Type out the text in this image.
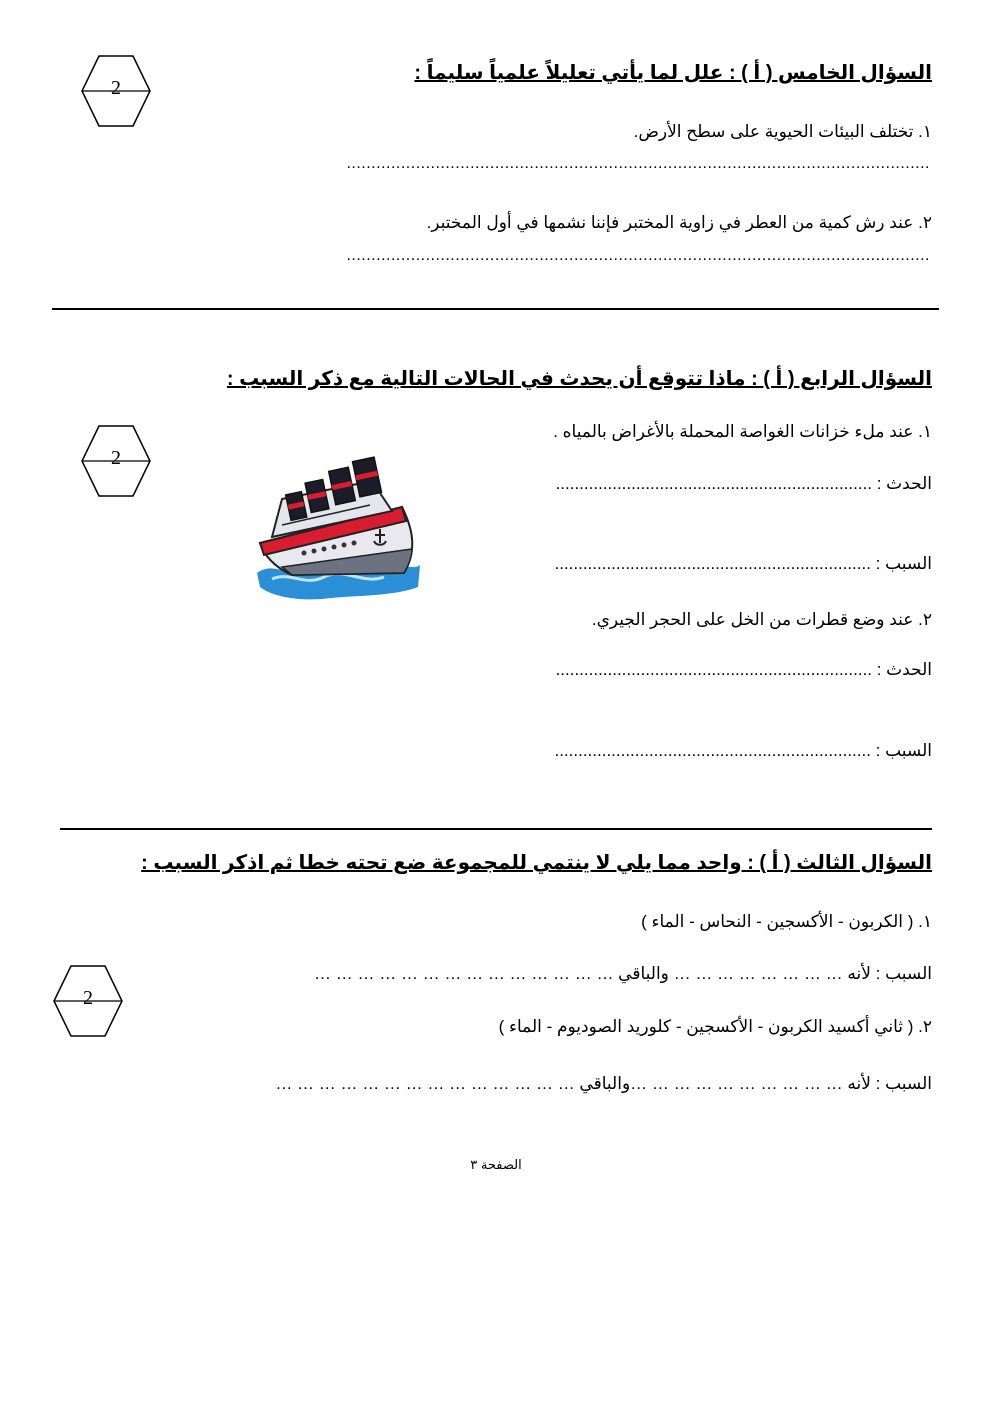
2
السؤال الخامس ( أ ) : علل لما يأتي تعليلاً علمياً سليماً :
١. تختلف البيئات الحيوية على سطح الأرض.
......................................................................................................................
٢. عند رش كمية من العطر في زاوية المختبر فإننا نشمها في أول المختبر.
......................................................................................................................
السؤال الرابع ( أ ) : ماذا تتوقع أن يحدث في الحالات التالية مع ذكر السبب :
2
١. عند ملء خزانات الغواصة المحملة بالأغراض بالمياه .
الحدث : ...................................................................
السبب : ...................................................................
٢. عند وضع قطرات من الخل على الحجر الجيري.
الحدث : ...................................................................
السبب : ...................................................................
السؤال الثالث ( أ ) : واحد مما يلي لا ينتمي للمجموعة ضع تحته خطا ثم اذكر السبب :
2
١. ( الكربون - الأكسجين - النحاس - الماء )
السبب : لأنه … … … … … … … … والباقي … … … … … … … … … … … … … …
٢. ( ثاني أكسيد الكربون - الأكسجين - كلوريد الصوديوم - الماء )
السبب : لأنه … … … … … … … … … …والباقي … … … … … … … … … … … … … …
الصفحة ٣
